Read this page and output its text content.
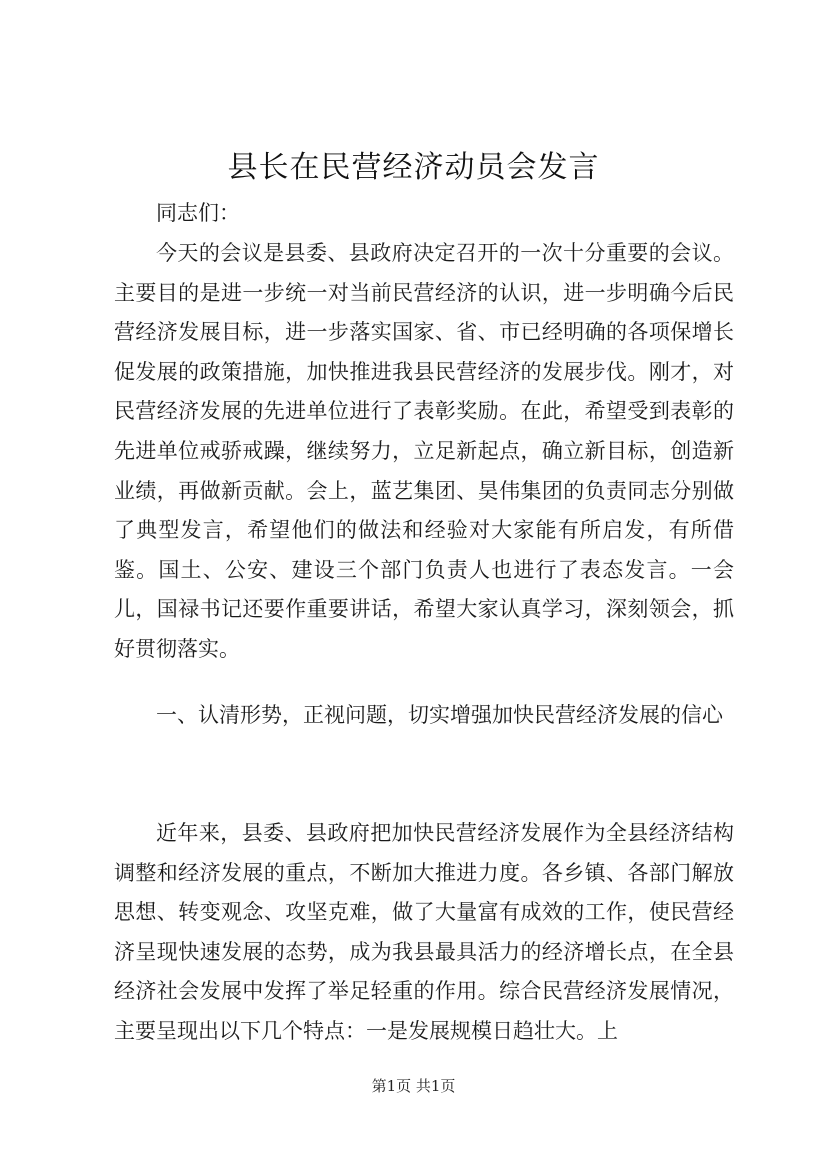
县长在民营经济动员会发言

同志们：

今天的会议是县委、县政府决定召开的一次十分重要的会议。主要目的是进一步统一对当前民营经济的认识，进一步明确今后民营经济发展目标，进一步落实国家、省、市已经明确的各项保增长促发展的政策措施，加快推进我县民营经济的发展步伐。刚才，对民营经济发展的先进单位进行了表彰奖励。在此，希望受到表彰的先进单位戒骄戒躁，继续努力，立足新起点，确立新目标，创造新业绩，再做新贡献。会上，蓝艺集团、昊伟集团的负责同志分别做了典型发言，希望他们的做法和经验对大家能有所启发，有所借鉴。国土、公安、建设三个部门负责人也进行了表态发言。一会儿，国禄书记还要作重要讲话，希望大家认真学习，深刻领会，抓好贯彻落实。

一、认清形势，正视问题，切实增强加快民营经济发展的信心

近年来，县委、县政府把加快民营经济发展作为全县经济结构调整和经济发展的重点，不断加大推进力度。各乡镇、各部门解放思想、转变观念、攻坚克难，做了大量富有成效的工作，使民营经济呈现快速发展的态势，成为我县最具活力的经济增长点，在全县经济社会发展中发挥了举足轻重的作用。综合民营经济发展情况，主要呈现出以下几个特点：一是发展规模日趋壮大。上

第1页 共1页
